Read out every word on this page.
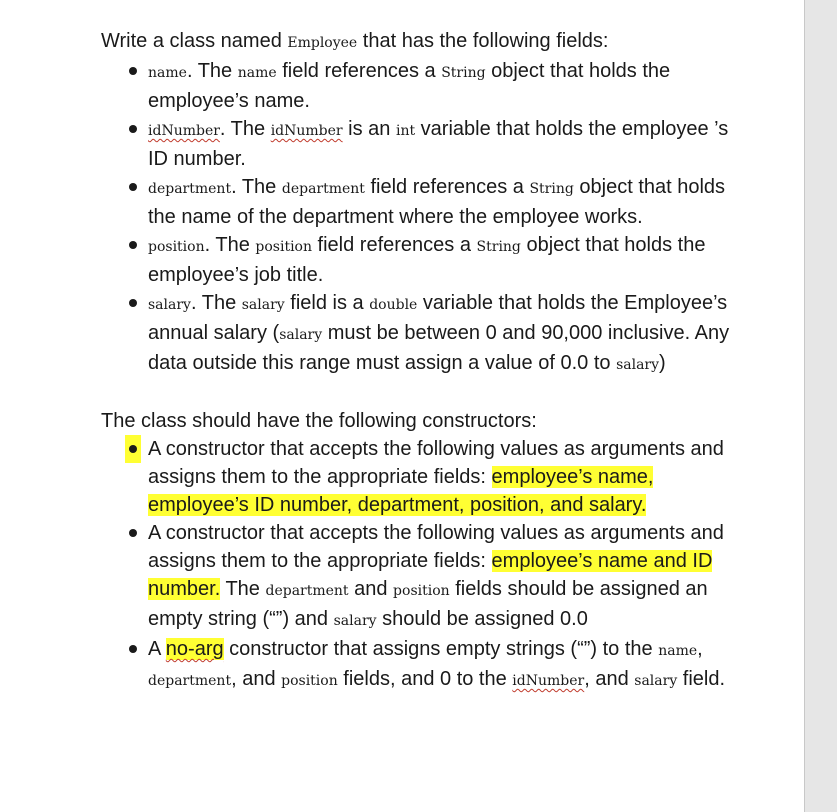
Write a class named Employee that has the following fields:

name. The name field references a String object that holds the employee’s name.
idNumber. The idNumber is an int variable that holds the employee ’s ID number.
department. The department field references a String object that holds the name of the department where the employee works.
position. The position field references a String object that holds the employee’s job title.
salary. The salary field is a double variable that holds the Employee’s annual salary (salary must be between 0 and 90,000 inclusive. Any data outside this range must assign a value of 0.0 to salary)

The class should have the following constructors:

A constructor that accepts the following values as arguments and assigns them to the appropriate fields: employee’s name, employee’s ID number, department, position, and salary.
A constructor that accepts the following values as arguments and assigns them to the appropriate fields: employee’s name and ID number. The department and position fields should be assigned an empty string (“”) and salary should be assigned 0.0
A no-arg constructor that assigns empty strings (“”) to the name, department, and position fields, and 0 to the idNumber, and salary field.
